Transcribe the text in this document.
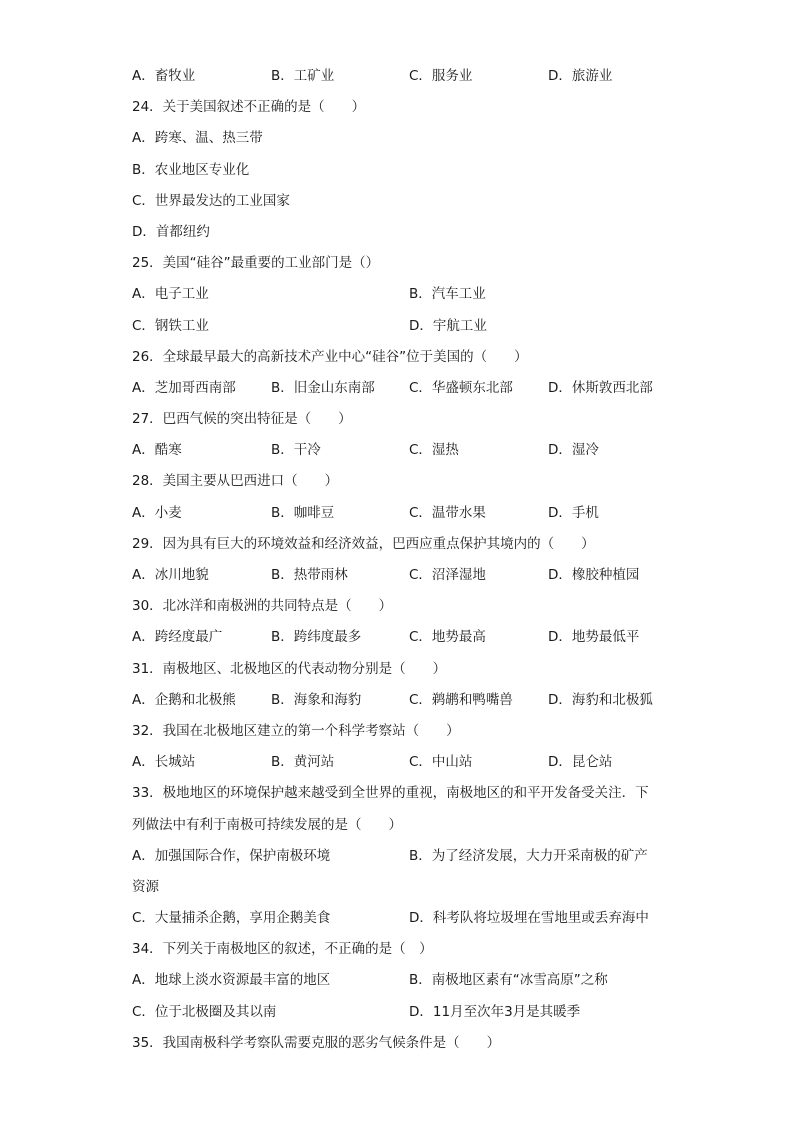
A．畜牧业	B．工矿业	C．服务业	D．旅游业
24．关于美国叙述不正确的是（　　）
A．跨寒、温、热三带
B．农业地区专业化
C．世界最发达的工业国家
D．首都纽约
25．美国“硅谷”最重要的工业部门是（）
A．电子工业	B．汽车工业
C．钢铁工业	D．宇航工业
26．全球最早最大的高新技术产业中心“硅谷”位于美国的（　　）
A．芝加哥西南部	B．旧金山东南部	C．华盛顿东北部	D．休斯敦西北部
27．巴西气候的突出特征是（　　）
A．酷寒	B．干冷	C．湿热	D．湿冷
28．美国主要从巴西进口（　　）
A．小麦	B．咖啡豆	C．温带水果	D．手机
29．因为具有巨大的环境效益和经济效益，巴西应重点保护其境内的（　　）
A．冰川地貌	B．热带雨林	C．沼泽湿地	D．橡胶种植园
30．北冰洋和南极洲的共同特点是（　　）
A．跨经度最广	B．跨纬度最多	C．地势最高	D．地势最低平
31．南极地区、北极地区的代表动物分别是（　　）
A．企鹅和北极熊	B．海象和海豹	C．鹈鹕和鸭嘴兽	D．海豹和北极狐
32．我国在北极地区建立的第一个科学考察站（　　）
A．长城站	B．黄河站	C．中山站	D．昆仑站
33．极地地区的环境保护越来越受到全世界的重视，南极地区的和平开发备受关注．下
列做法中有利于南极可持续发展的是（　　）
A．加强国际合作，保护南极环境	B．为了经济发展，大力开采南极的矿产
资源
C．大量捕杀企鹅，享用企鹅美食	D．科考队将垃圾埋在雪地里或丢弃海中
34．下列关于南极地区的叙述，不正确的是（　）
A．地球上淡水资源最丰富的地区	B．南极地区素有“冰雪高原”之称
C．位于北极圈及其以南	D．11月至次年3月是其暖季
35．我国南极科学考察队需要克服的恶劣气候条件是（　　）
